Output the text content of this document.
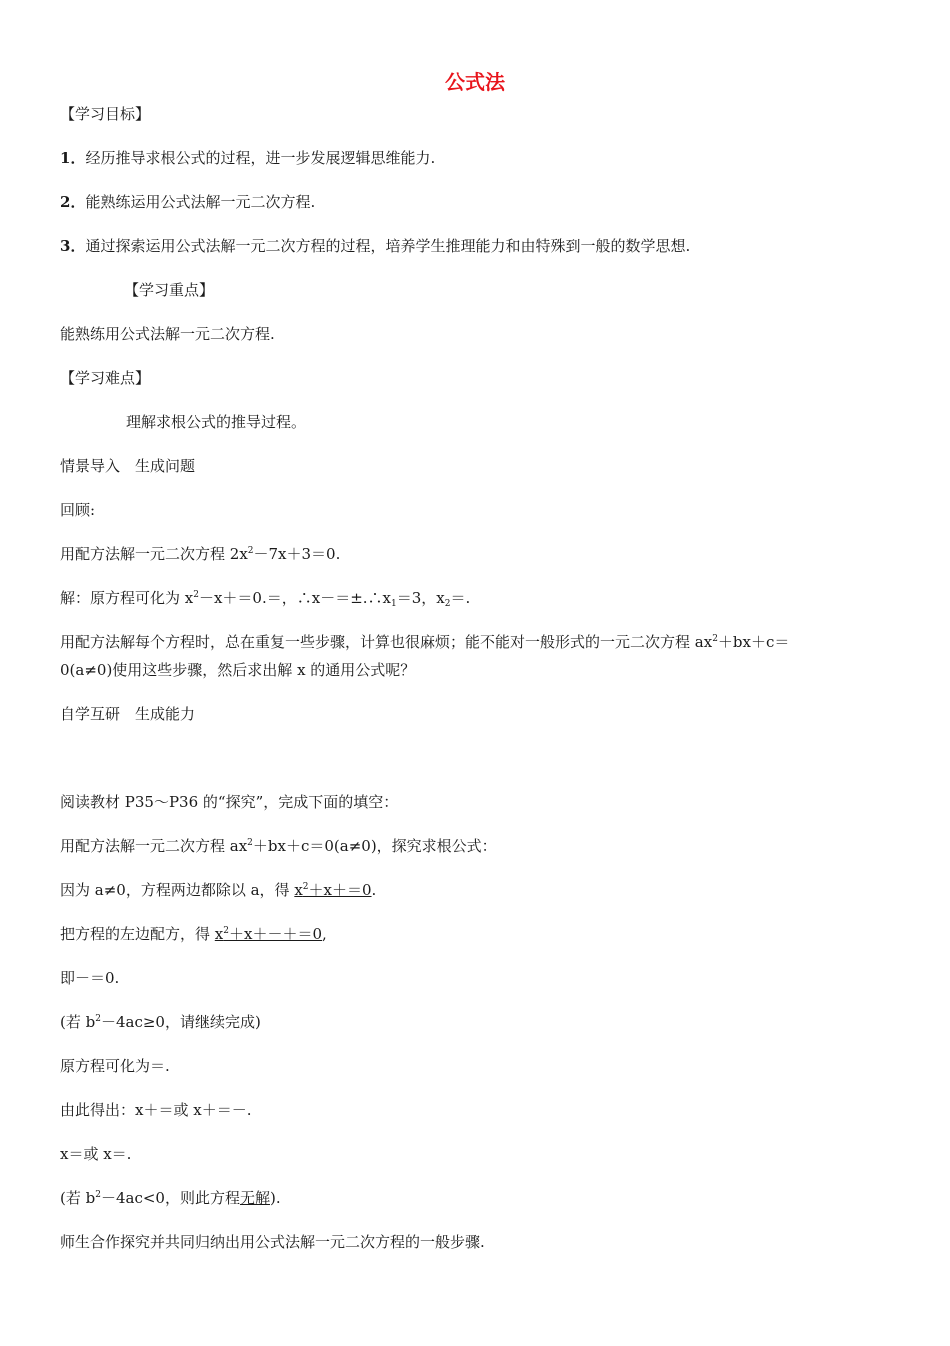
公式法
【学习目标】
1．经历推导求根公式的过程，进一步发展逻辑思维能力.
2．能熟练运用公式法解一元二次方程.
3．通过探索运用公式法解一元二次方程的过程，培养学生推理能力和由特殊到一般的数学思想.
【学习重点】
能熟练用公式法解一元二次方程.
【学习难点】
理解求根公式的推导过程。
情景导入　生成问题
回顾:
用配方法解一元二次方程 $2x^2-7x+3=0$.
解：原方程可化为 $x^2-x+=0.=$，$\therefore x-=\pm.\therefore x_1=3$，$x_2=$.
用配方法解每个方程时，总在重复一些步骤，计算也很麻烦；能不能对一般形式的一元二次方程 $ax^2+bx+c=$
0(a≠0)使用这些步骤，然后求出解 x 的通用公式呢？
自学互研　生成能力
阅读教材 P35～P36 的“探究”，完成下面的填空：
用配方法解一元二次方程 $ax^2+bx+c=0(a\ne 0)$，探究求根公式：
因为 a≠0，方程两边都除以 a，得 $x^2+x+=0$.
把方程的左边配方，得 $x^2+x+-+=0$,
即－＝0.
(若 $b^2-4ac\ge 0$，请继续完成)
原方程可化为＝.
由此得出：x＋＝或 x＋＝－.
x＝或 x＝.
(若 $b^2-4ac<0$，则此方程无解).
师生合作探究并共同归纳出用公式法解一元二次方程的一般步骤.
